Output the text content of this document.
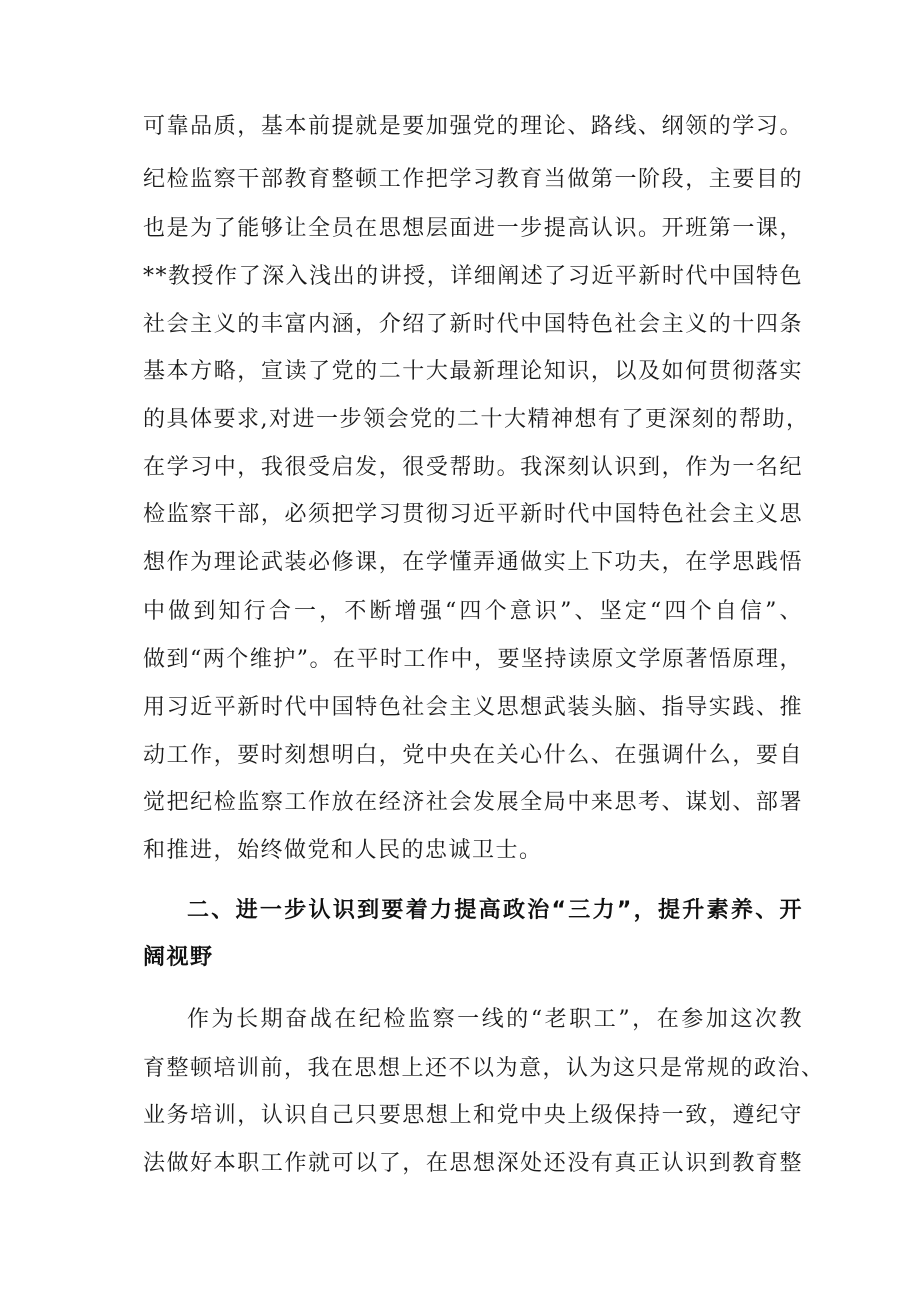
可靠品质，基本前提就是要加强党的理论、路线、纲领的学习。
纪检监察干部教育整顿工作把学习教育当做第一阶段，主要目的
也是为了能够让全员在思想层面进一步提高认识。开班第一课，
**教授作了深入浅出的讲授，详细阐述了习近平新时代中国特色
社会主义的丰富内涵，介绍了新时代中国特色社会主义的十四条
基本方略，宣读了党的二十大最新理论知识，以及如何贯彻落实
的具体要求,对进一步领会党的二十大精神想有了更深刻的帮助，
在学习中，我很受启发，很受帮助。我深刻认识到，作为一名纪
检监察干部，必须把学习贯彻习近平新时代中国特色社会主义思
想作为理论武装必修课，在学懂弄通做实上下功夫，在学思践悟
中做到知行合一，不断增强“四个意识”、坚定“四个自信”、
做到“两个维护”。在平时工作中，要坚持读原文学原著悟原理，
用习近平新时代中国特色社会主义思想武装头脑、指导实践、推
动工作，要时刻想明白，党中央在关心什么、在强调什么，要自
觉把纪检监察工作放在经济社会发展全局中来思考、谋划、部署
和推进，始终做党和人民的忠诚卫士。
二、进一步认识到要着力提高政治“三力”，提升素养、开
阔视野
作为长期奋战在纪检监察一线的“老职工”，在参加这次教
育整顿培训前，我在思想上还不以为意，认为这只是常规的政治、
业务培训，认识自己只要思想上和党中央上级保持一致，遵纪守
法做好本职工作就可以了，在思想深处还没有真正认识到教育整
